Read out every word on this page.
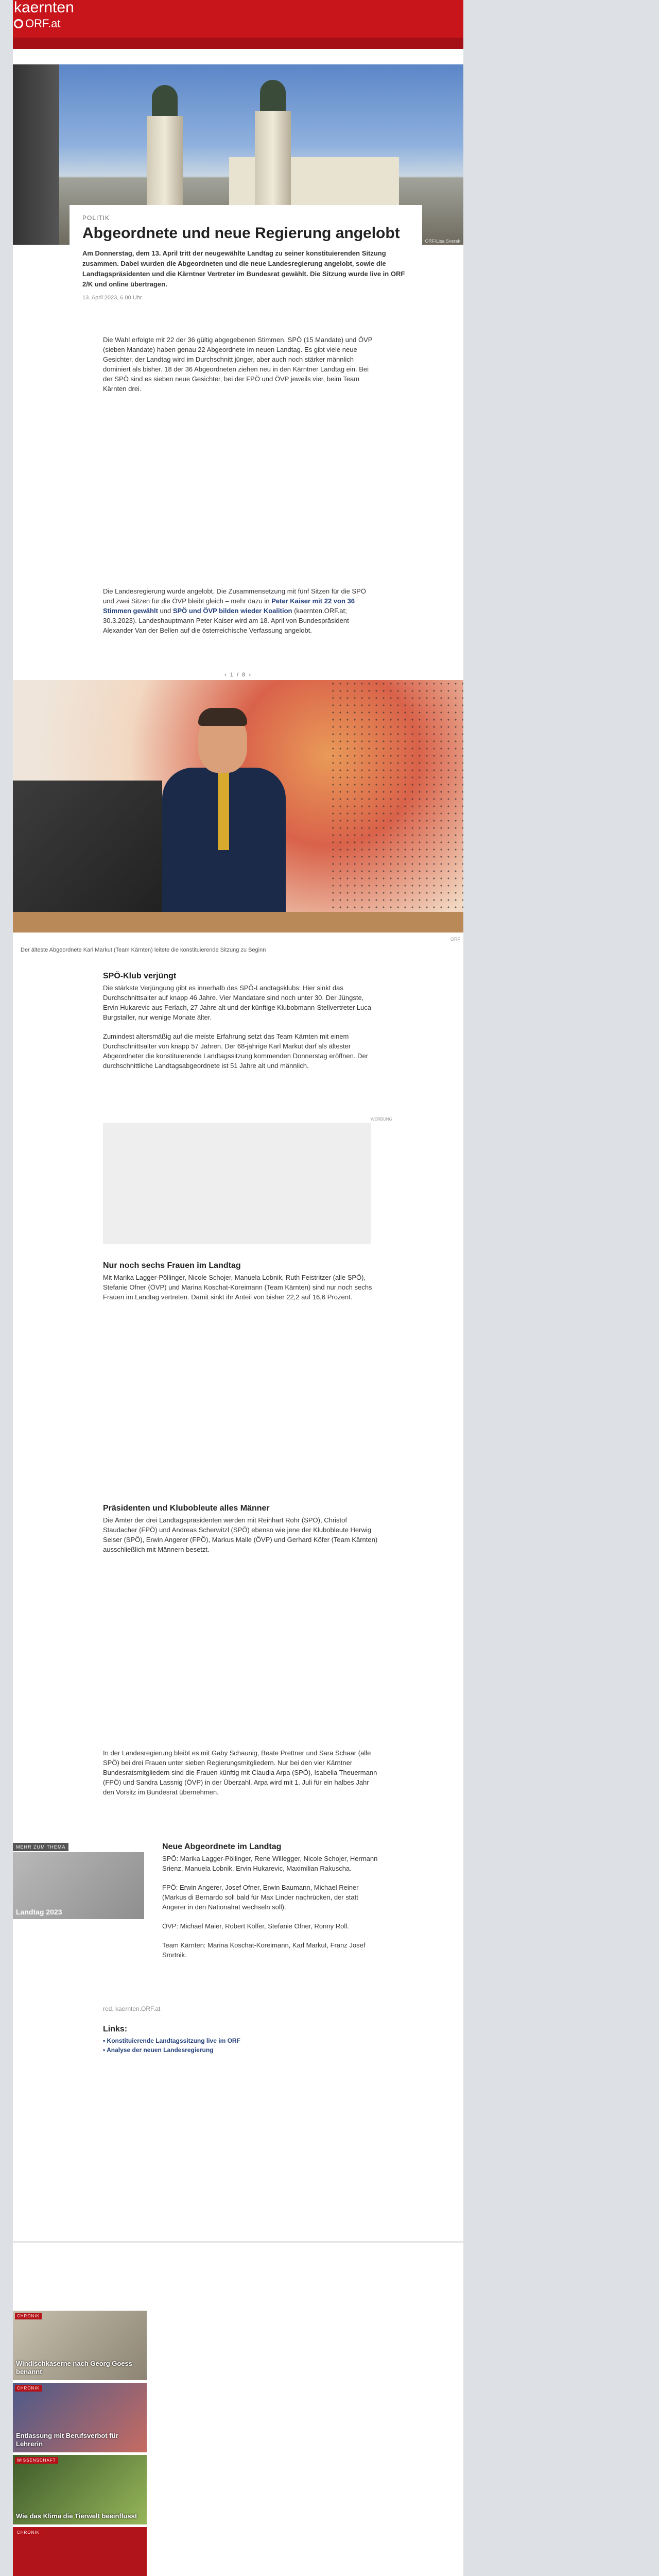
kaernten
ORF.at
ORF/Lisa Sverak
POLITIK
Abgeordnete und neue Regierung angelobt

Am Donnerstag, dem 13. April tritt der neugewählte Landtag zu seiner konstituierenden Sitzung zusammen. Dabei wurden die Abgeordneten und die neue Landesregierung angelobt, sowie die Landtagspräsidenten und die Kärntner Vertreter im Bundesrat gewählt. Die Sitzung wurde live in ORF 2/K und online übertragen.

13. April 2023, 6.00 Uhr

Die Wahl erfolgte mit 22 der 36 gültig abgegebenen Stimmen. SPÖ (15 Mandate) und ÖVP (sieben Mandate) haben genau 22 Abgeordnete im neuen Landtag. Es gibt viele neue Gesichter, der Landtag wird im Durchschnitt jünger, aber auch noch stärker männlich dominiert als bisher. 18 der 36 Abgeordneten ziehen neu in den Kärntner Landtag ein. Bei der SPÖ sind es sieben neue Gesichter, bei der FPÖ und ÖVP jeweils vier, beim Team Kärnten drei.

Die Landesregierung wurde angelobt. Die Zusammensetzung mit fünf Sitzen für die SPÖ und zwei Sitzen für die ÖVP bleibt gleich – mehr dazu in Peter Kaiser mit 22 von 36 Stimmen gewählt und SPÖ und ÖVP bilden wieder Koalition (kaernten.ORF.at; 30.3.2023). Landeshauptmann Peter Kaiser wird am 18. April von Bundespräsident Alexander Van der Bellen auf die österreichische Verfassung angelobt.

‹ 1 / 8 ›
ORF
Der älteste Abgeordnete Karl Markut (Team Kärnten) leitete die konstituierende Sitzung zu Beginn
SPÖ-Klub verjüngt

Die stärkste Verjüngung gibt es innerhalb des SPÖ-Landtagsklubs: Hier sinkt das Durchschnittsalter auf knapp 46 Jahre. Vier Mandatare sind noch unter 30. Der Jüngste, Ervin Hukarevic aus Ferlach, 27 Jahre alt und der künftige Klubobmann-Stellvertreter Luca Burgstaller, nur wenige Monate älter.

Zumindest altersmäßig auf die meiste Erfahrung setzt das Team Kärnten mit einem Durchschnittsalter von knapp 57 Jahren. Der 68-jährige Karl Markut darf als ältester Abgeordneter die konstituierende Landtagssitzung kommenden Donnerstag eröffnen. Der durchschnittliche Landtagsabgeordnete ist 51 Jahre alt und männlich.

WERBUNG
Nur noch sechs Frauen im Landtag

Mit Marika Lagger-Pöllinger, Nicole Schojer, Manuela Lobnik, Ruth Feistritzer (alle SPÖ), Stefanie Ofner (ÖVP) und Marina Koschat-Koreimann (Team Kärnten) sind nur noch sechs Frauen im Landtag vertreten. Damit sinkt ihr Anteil von bisher 22,2 auf 16,6 Prozent.

Präsidenten und Klubobleute alles Männer

Die Ämter der drei Landtagspräsidenten werden mit Reinhart Rohr (SPÖ), Christof Staudacher (FPÖ) und Andreas Scherwitzl (SPÖ) ebenso wie jene der Klubobleute Herwig Seiser (SPÖ), Erwin Angerer (FPÖ), Markus Malle (ÖVP) und Gerhard Köfer (Team Kärnten) ausschließlich mit Männern besetzt.

In der Landesregierung bleibt es mit Gaby Schaunig, Beate Prettner und Sara Schaar (alle SPÖ) bei drei Frauen unter sieben Regierungsmitgliedern. Nur bei den vier Kärntner Bundesratsmitgliedern sind die Frauen künftig mit Claudia Arpa (SPÖ), Isabella Theuermann (FPÖ) und Sandra Lassnig (ÖVP) in der Überzahl. Arpa wird mit 1. Juli für ein halbes Jahr den Vorsitz im Bundesrat übernehmen.

MEHR ZUM THEMA
Landtag 2023
Neue Abgeordnete im Landtag

SPÖ: Marika Lagger-Pöllinger, Rene Willegger, Nicole Schojer, Hermann Srienz, Manuela Lobnik, Ervin Hukarevic, Maximilian Rakuscha.

FPÖ: Erwin Angerer, Josef Ofner, Erwin Baumann, Michael Reiner (Markus di Bernardo soll bald für Max Linder nachrücken, der statt Angerer in den Nationalrat wechseln soll).

ÖVP: Michael Maier, Robert Kölfer, Stefanie Ofner, Ronny Roll.

Team Kärnten: Marina Koschat-Koreimann, Karl Markut, Franz Josef Smrtnik.

red, kaernten.ORF.at
Links:
• Konstituierende Landtagssitzung live im ORF
• Analyse der neuen Landesregierung
CHRONIK
Windischkaserne nach Georg Goess benannt
CHRONIK
Entlassung mit Berufsverbot für Lehrerin
WISSENSCHAFT
Wie das Klima die Tierwelt beeinflusst
CHRONIK
